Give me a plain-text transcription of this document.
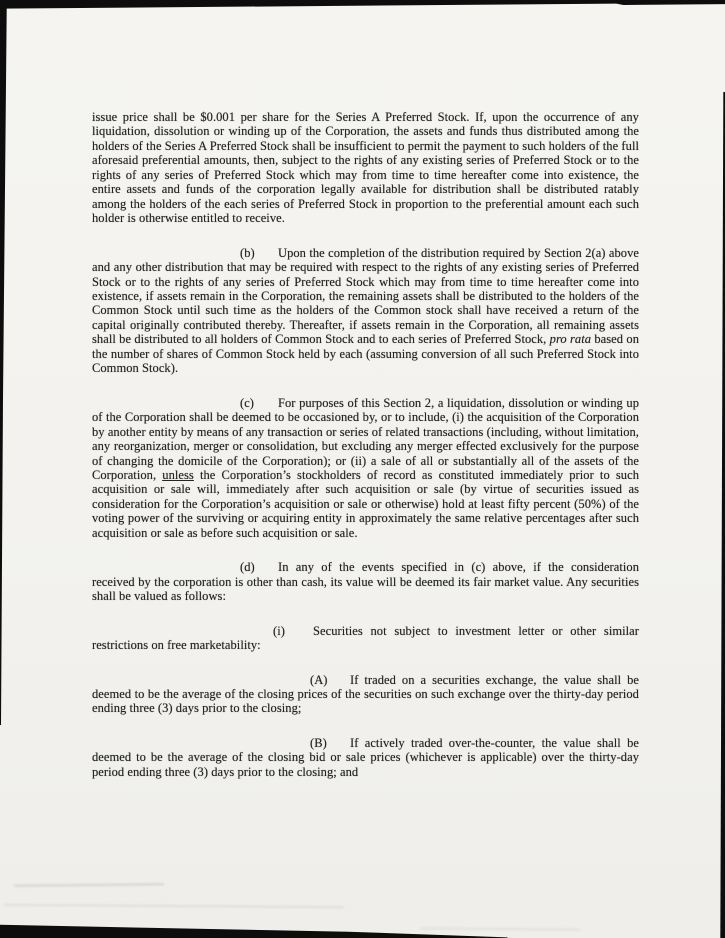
issue price shall be $0.001 per share for the Series A Preferred Stock. If, upon the occurrence of any liquidation, dissolution or winding up of the Corporation, the assets and funds thus distributed among the holders of the Series A Preferred Stock shall be insufficient to permit the payment to such holders of the full aforesaid preferential amounts, then, subject to the rights of any existing series of Preferred Stock or to the rights of any series of Preferred Stock which may from time to time hereafter come into existence, the entire assets and funds of the corporation legally available for distribution shall be distributed ratably among the holders of the each series of Preferred Stock in proportion to the preferential amount each such holder is otherwise entitled to receive.

(b) Upon the completion of the distribution required by Section 2(a) above and any other distribution that may be required with respect to the rights of any existing series of Preferred Stock or to the rights of any series of Preferred Stock which may from time to time hereafter come into existence, if assets remain in the Corporation, the remaining assets shall be distributed to the holders of the Common Stock until such time as the holders of the Common stock shall have received a return of the capital originally contributed thereby. Thereafter, if assets remain in the Corporation, all remaining assets shall be distributed to all holders of Common Stock and to each series of Preferred Stock, pro rata based on the number of shares of Common Stock held by each (assuming conversion of all such Preferred Stock into Common Stock).

(c) For purposes of this Section 2, a liquidation, dissolution or winding up of the Corporation shall be deemed to be occasioned by, or to include, (i) the acquisition of the Corporation by another entity by means of any transaction or series of related transactions (including, without limitation, any reorganization, merger or consolidation, but excluding any merger effected exclusively for the purpose of changing the domicile of the Corporation); or (ii) a sale of all or substantially all of the assets of the Corporation, unless the Corporation’s stockholders of record as constituted immediately prior to such acquisition or sale will, immediately after such acquisition or sale (by virtue of securities issued as consideration for the Corporation’s acquisition or sale or otherwise) hold at least fifty percent (50%) of the voting power of the surviving or acquiring entity in approximately the same relative percentages after such acquisition or sale as before such acquisition or sale.

(d) In any of the events specified in (c) above, if the consideration received by the corporation is other than cash, its value will be deemed its fair market value. Any securities shall be valued as follows:

(i) Securities not subject to investment letter or other similar restrictions on free marketability:

(A) If traded on a securities exchange, the value shall be deemed to be the average of the closing prices of the securities on such exchange over the thirty-day period ending three (3) days prior to the closing;

(B) If actively traded over-the-counter, the value shall be deemed to be the average of the closing bid or sale prices (whichever is applicable) over the thirty-day period ending three (3) days prior to the closing; and
